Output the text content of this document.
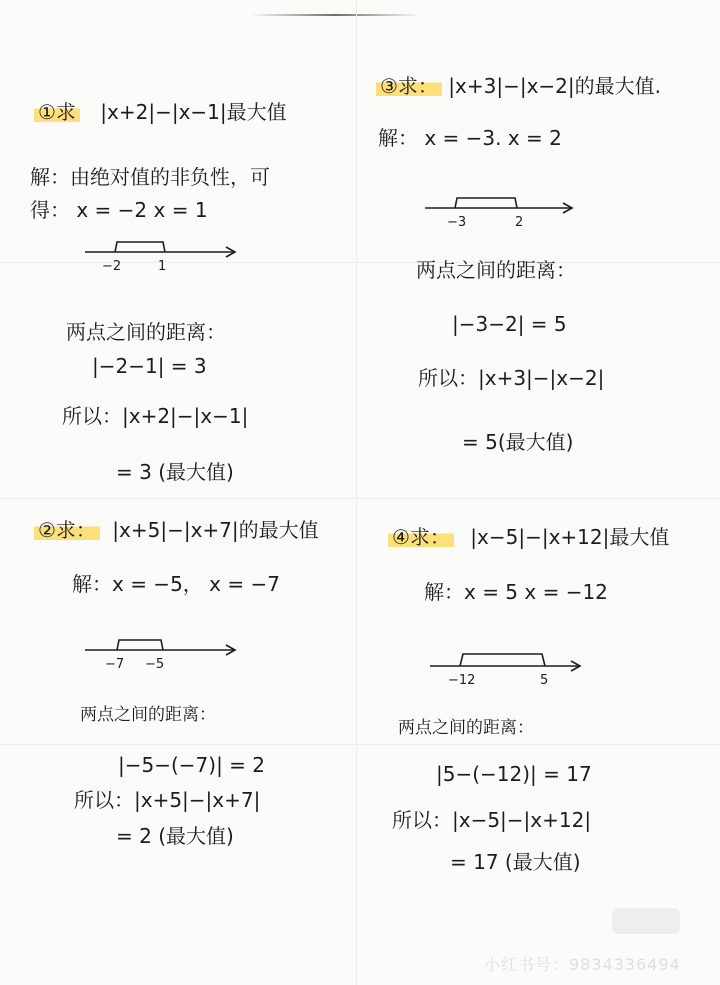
①求 |x+2|−|x−1|最大值
解：由绝对值的非负性，可
得： x = −2 x = 1
−2	1
两点之间的距离：
|−2−1| = 3
所以：|x+2|−|x−1|
= 3 (最大值)
②求： |x+5|−|x+7|的最大值
解：x = −5， x = −7
−7 −5
两点之间的距离：
|−5−(−7)| = 2
所以：|x+5|−|x+7|
= 2 (最大值)
③求： |x+3|−|x−2|的最大值.
解： x = −3. x = 2
−3	2
两点之间的距离：
|−3−2| = 5
所以：|x+3|−|x−2|
= 5(最大值)
④求： |x−5|−|x+12|最大值
解：x = 5 x = −12
−12	5
两点之间的距离：
|5−(−12)| = 17
所以：|x−5|−|x+12|
= 17 (最大值)
小红书号：9834336494
